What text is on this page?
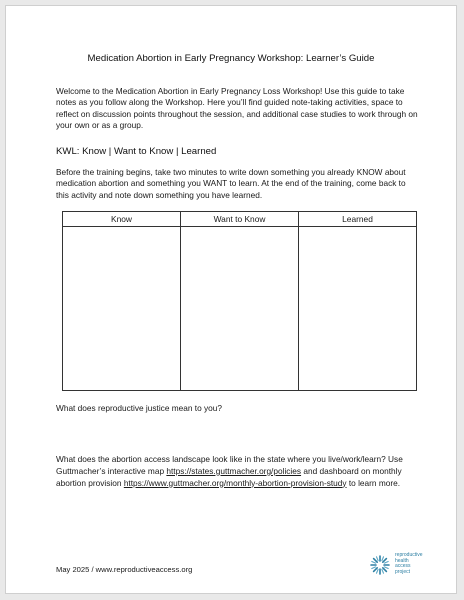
Medication Abortion in Early Pregnancy Workshop: Learner’s Guide

Welcome to the Medication Abortion in Early Pregnancy Loss Workshop! Use this guide to take notes as you follow along the Workshop. Here you’ll find guided note-taking activities, space to reflect on discussion points throughout the session, and additional case studies to work through on your own or as a group.

KWL: Know | Want to Know | Learned

Before the training begins, take two minutes to write down something you already KNOW about medication abortion and something you WANT to learn. At the end of the training, come back to this activity and note down something you have learned.

Know	Want to Know	Learned

What does reproductive justice mean to you?

What does the abortion access landscape look like in the state where you live/work/learn? Use Guttmacher’s interactive map https://states.guttmacher.org/policies and dashboard on monthly abortion provision https://www.guttmacher.org/monthly-abortion-provision-study to learn more.

May 2025 / www.reproductiveaccess.org

reproductive
health
access
project
